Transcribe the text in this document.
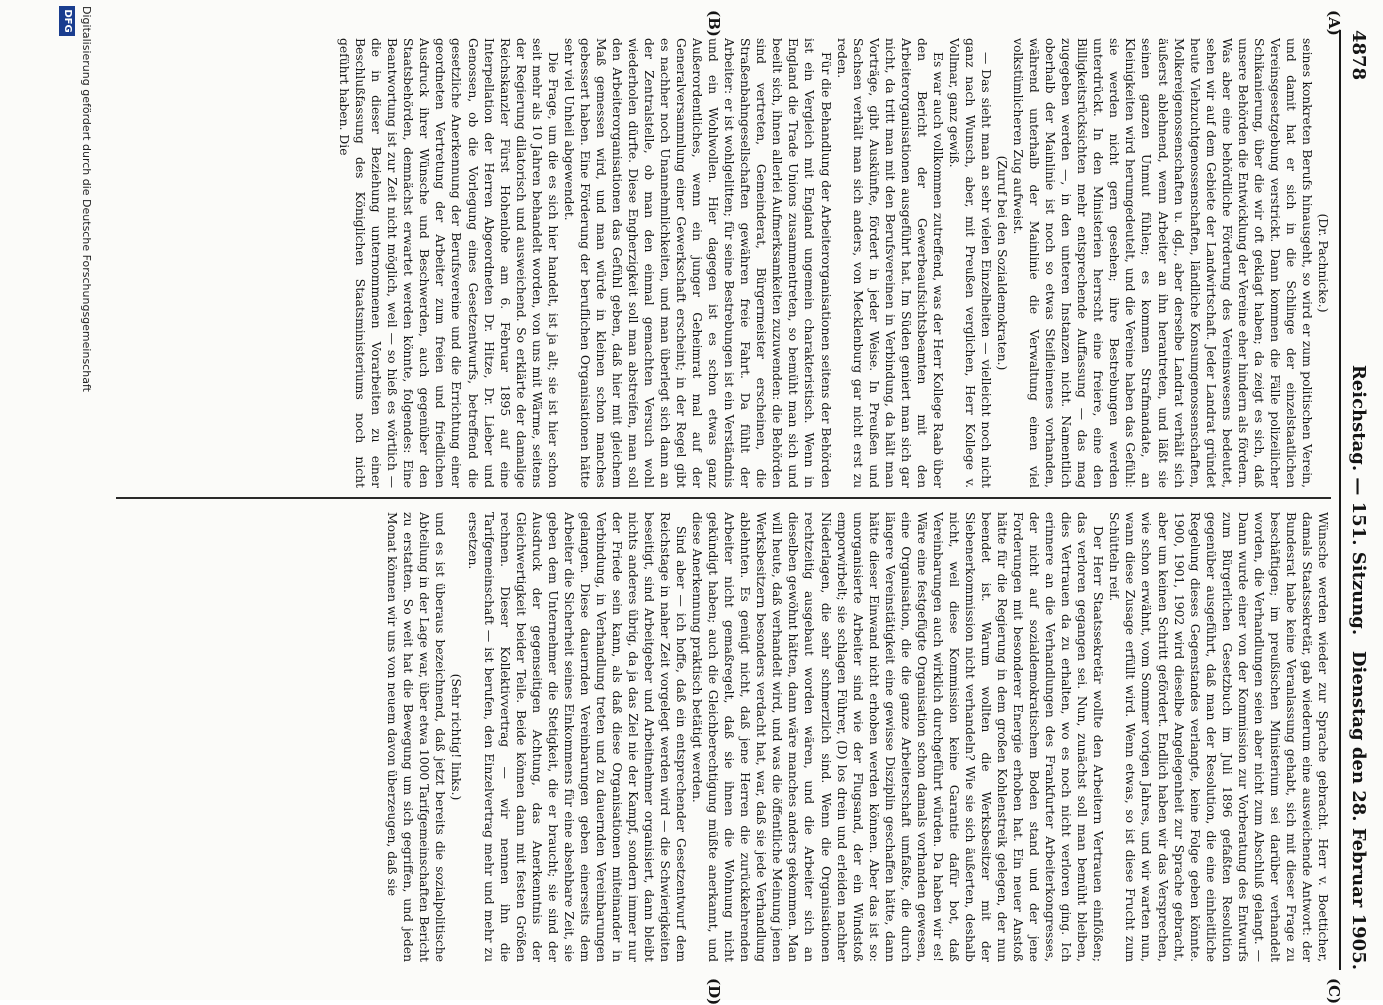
4878
Reichstag. — 151. Sitzung.
Dienstag den 28. Februar 1905.
(A)
(B)
(C)
(D)

(Dr. Pachnicke.)

seines konkreten Berufs hinausgeht, so wird er zum politischen Verein, und damit hat er sich in die Schlinge der einzelstaatlichen Vereinsgesetzgebung verstrickt. Dann kommen die Fälle polizeilicher Schikanierung, über die wir oft geklagt haben; da zeigt es sich, daß unsere Behörden die Entwicklung der Vereine eher hindern als fördern. Was aber eine behördliche Förderung des Vereinswesens bedeutet, sehen wir auf dem Gebiete der Landwirtschaft. Jeder Landrat gründet heute Viehzuchtgenossenschaften, ländliche Konsumgenossenschaften, Molkereigenossenschaften u. dgl., aber derselbe Landrat verhält sich äußerst ablehnend, wenn Arbeiter an ihn herantreten, und läßt sie seinen ganzen Unmut fühlen; es kommen Strafmandate, an Kleinigkeiten wird herumgedeutelt, und die Vereine haben das Gefühl: sie werden nicht gern gesehen; ihre Bestrebungen werden unterdrückt. In den Ministerien herrscht eine freiere, eine den Billigkeitsrücksichten mehr entsprechende Auffassung — das mag zugegeben werden —, in den unteren Instanzen nicht. Namentlich oberhalb der Mainlinie ist noch so etwas Steifleinenes vorhanden, während unterhalb der Mainlinie die Verwaltung einen viel volkstümlicheren Zug aufweist.

(Zuruf bei den Sozialdemokraten.)

— Das sieht man an sehr vielen Einzelheiten — vielleicht noch nicht ganz nach Wunsch, aber, mit Preußen verglichen, Herr Kollege v. Vollmar, ganz gewiß.

Es war auch vollkommen zutreffend, was der Herr Kollege Raab über den Bericht der Gewerbeaufsichtsbeamten mit den Arbeiterorganisationen ausgeführt hat. Im Süden geniert man sich gar nicht, da tritt man mit den Berufsvereinen in Verbindung, da hält man Vorträge, gibt Auskünfte, fördert in jeder Weise. In Preußen und Sachsen verhält man sich anders, von Mecklenburg gar nicht erst zu reden.

Für die Behandlung der Arbeiterorganisationen seitens der Behörden ist ein Vergleich mit England ungemein charakteristisch. Wenn in England die Trade Unions zusammentreten, so bemüht man sich und beeilt sich, ihnen allerlei Aufmerksamkeiten zuzuwenden: die Behörden sind vertreten, Gemeinderat, Bürgermeister erscheinen, die Straßenbahngesellschaften gewähren freie Fahrt. Da fühlt der Arbeiter: er ist wohlgelitten; für seine Bestrebungen ist ein Verständnis und ein Wohlwollen. Hier dagegen ist es schon etwas ganz Außerordentliches, wenn ein junger Geheimrat mal auf der Generalversammlung einer Gewerkschaft erscheint; in der Regel gibt es nachher noch Unannehmlichkeiten, und man überlegt sich dann an der Zentralstelle, ob man den einmal gemachten Versuch wohl wiederholen dürfte. Diese Engherzigkeit soll man abstreifen, man soll den Arbeiterorganisationen das Gefühl geben, daß hier mit gleichem Maß gemessen wird, und man würde in kleinen schon manches gebessert haben. Eine Förderung der beruflichen Organisationen hätte sehr viel Unheil abgewendet.

Die Frage, um die es sich hier handelt, ist ja alt; sie ist hier schon seit mehr als 10 Jahren behandelt worden, von uns mit Wärme, seitens der Regierung dilatorisch und ausweichend. So erklärte der damalige Reichskanzler Fürst Hohenlohe am 6. Februar 1895 auf eine Interpellation der Herren Abgeordneten Dr. Hitze, Dr. Lieber und Genossen, ob die Vorlegung eines Gesetzentwurfs, betreffend die gesetzliche Anerkennung der Berufsvereine und die Errichtung einer geordneten Vertretung der Arbeiter zum freien und friedlichen Ausdruck ihrer Wünsche und Beschwerden, auch gegenüber den Staatsbehörden, demnächst erwartet werden könnte, folgendes: Eine Beantwortung ist zur Zeit nicht möglich, weil — so hieß es wörtlich — die in dieser Beziehung unternommenen Vorarbeiten zu einer Beschlußfassung des Königlichen Staatsministeriums noch nicht geführt haben. Die

Wünsche werden wieder zur Sprache gebracht. Herr v. Boetticher, damals Staatssekretär, gab wiederum eine ausweichende Antwort: der Bundesrat habe keine Veranlassung gehabt, sich mit dieser Frage zu beschäftigen; im preußischen Ministerium sei darüber verhandelt worden, die Verhandlungen seien aber nicht zum Abschluß gelangt. — Dann wurde einer von der Kommission zur Vorberatung des Entwurfs zum Bürgerlichen Gesetzbuch im Juli 1896 gefaßten Resolution gegenüber ausgeführt, daß man der Resolution, die eine einheitliche Regelung dieses Gegenstandes verlangte, keine Folge geben könnte. 1900, 1901, 1902 wird dieselbe Angelegenheit zur Sprache gebracht, aber um keinen Schritt gefördert. Endlich haben wir das Versprechen, wie schon erwähnt, vom Sommer vorigen Jahres, und wir warten nun, wann diese Zusage erfüllt wird. Wenn etwas, so ist diese Frucht zum Schütteln reif.

Der Herr Staatssekretär wollte den Arbeitern Vertrauen einflößen; das verloren gegangen sei. Nun, zunächst soll man bemüht bleiben, dies Vertrauen da zu erhalten, wo es noch nicht verloren ging. Ich erinnere an die Verhandlungen des Frankfurter Arbeiterkongresses, der nicht auf sozialdemokratischem Boden stand und der jene Forderungen mit besonderer Energie erhoben hat. Ein neuer Anstoß hätte für die Regierung in dem großen Kohlenstreik gelegen, der nun beendet ist. Warum wollten die Werksbesitzer mit der Siebenerkommission nicht verhandeln? Wie sie sich äußerten, deshalb nicht, weil diese Kommission keine Garantie dafür bot, daß Vereinbarungen auch wirklich durchgeführt würden. Da haben wir es! Wäre eine festgefügte Organisation schon damals vorhanden gewesen, eine Organisation, die die ganze Arbeiterschaft umfaßte, die durch längere Vereinstätigkeit eine gewisse Disziplin geschaffen hätte, dann hätte dieser Einwand nicht erhoben werden können. Aber das ist so: unorganisierte Arbeiter sind wie der Flugsand, der ein Windstoß emporwirbelt; sie schlagen Führer, (D) los drein und erleiden nachher Niederlagen, die sehr schmerzlich sind. Wenn die Organisationen rechtzeitig ausgebaut worden wären, und die Arbeiter sich an dieselben gewöhnt hätten, dann wäre manches anders gekommen. Man will heute, daß verhandelt wird, und was die öffentliche Meinung jenen Werksbesitzern besonders verdacht hat, war, daß sie jede Verhandlung ablehnten. Es genügt nicht, daß jene Herren die zurückkehrenden Arbeiter nicht gemaßregelt, daß sie ihnen die Wohnung nicht gekündigt haben; auch die Gleichberechtigung müßte anerkannt, und diese Anerkennung praktisch betätigt werden.

Sind aber — ich hoffe, daß ein entsprechender Gesetzentwurf dem Reichstage in naher Zeit vorgelegt werden wird — die Schwierigkeiten beseitigt, sind Arbeitgeber und Arbeitnehmer organisiert, dann bleibt nichts anderes übrig, da ja das Ziel nie der Kampf, sondern immer nur der Friede sein kann, als daß diese Organisationen miteinander in Verbindung, in Verhandlung treten und zu dauernden Vereinbarungen gelangen. Diese dauernden Vereinbarungen geben einerseits dem Arbeiter die Sicherheit seines Einkommens für eine absehbare Zeit, sie geben dem Unternehmer die Stetigkeit, die er braucht; sie sind der Ausdruck der gegenseitigen Achtung, das Anerkenntnis der Gleichwertigkeit beider Teile. Beide können dann mit festen Größen rechnen. Dieser Kollektivvertrag — wir nennen ihn die Tarifgemeinschaft — ist berufen, den Einzelvertrag mehr und mehr zu ersetzen.

(Sehr richtig! links.)

und es ist überaus bezeichnend, daß jetzt bereits die sozialpolitische Abteilung in der Lage war, über etwa 1000 Tarifgemeinschaften Bericht zu erstatten. So weit hat die Bewegung um sich gegriffen, und jeden Monat können wir uns von neuem davon überzeugen, daß sie

Digitalisierung gefördert durch die Deutsche Forschungsgemeinschaft
DFG
